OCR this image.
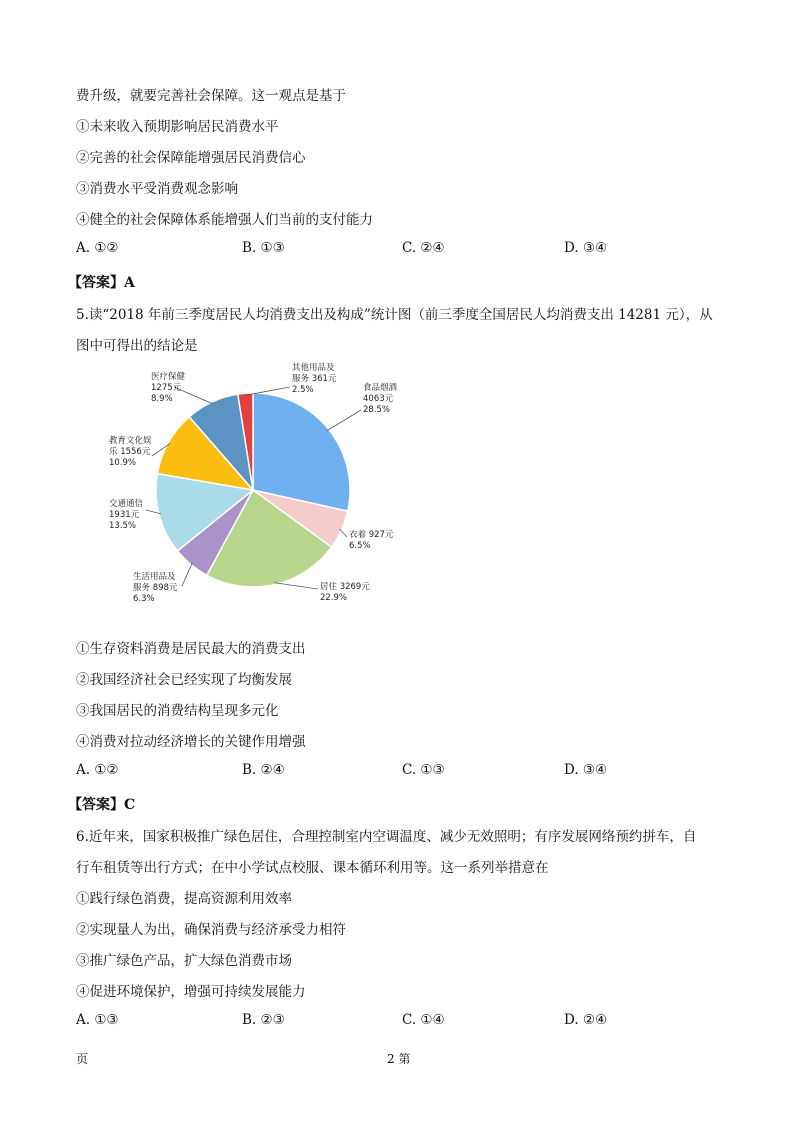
费升级，就要完善社会保障。这一观点是基于
①未来收入预期影响居民消费水平
②完善的社会保障能增强居民消费信心
③消费水平受消费观念影响
④健全的社会保障体系能增强人们当前的支付能力
A. ①②	B. ①③	C. ②④	D. ③④
【答案】A
5.读“2018 年前三季度居民人均消费支出及构成”统计图（前三季度全国居民人均消费支出 14281 元），从
图中可得出的结论是
食品烟酒 4063元 28.5%
衣着 927元 6.5%
居住 3269元 22.9%
生活用品及服务 898元 6.3%
交通通信 1931元 13.5%
教育文化娱乐 1556元 10.9%
医疗保健 1275元 8.9%
其他用品及服务 361元 2.5%
①生存资料消费是居民最大的消费支出
②我国经济社会已经实现了均衡发展
③我国居民的消费结构呈现多元化
④消费对拉动经济增长的关键作用增强
A. ①②	B. ②④	C. ①③	D. ③④
【答案】C
6.近年来，国家积极推广绿色居住，合理控制室内空调温度、减少无效照明；有序发展网络预约拼车，自
行车租赁等出行方式；在中小学试点校服、课本循环利用等。这一系列举措意在
①践行绿色消费，提高资源利用效率
②实现量人为出，确保消费与经济承受力相符
③推广绿色产品，扩大绿色消费市场
④促进环境保护，增强可持续发展能力
A. ①③	B. ②③	C. ①④	D. ②④
页	2 第
